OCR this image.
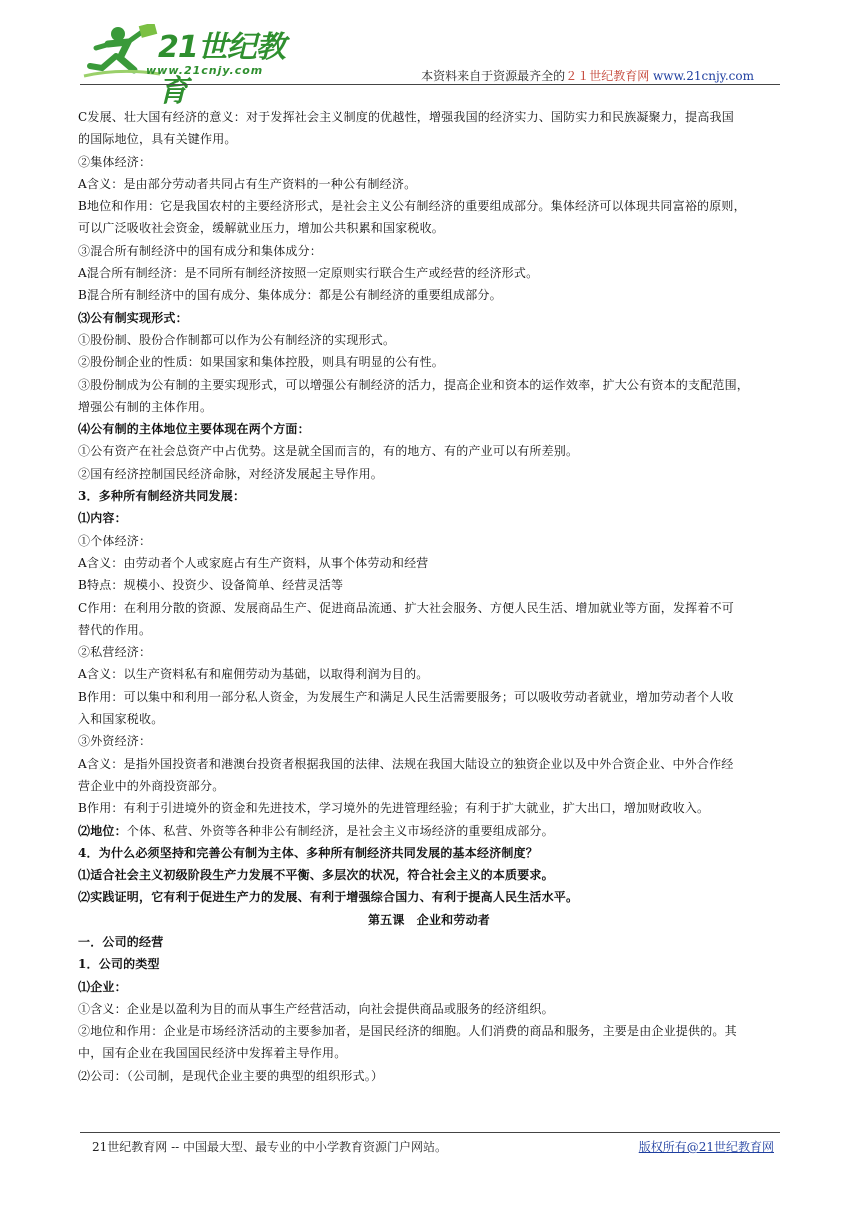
21世纪教育
www.21cnjy.com	本资料来自于资源最齐全的２１世纪教育网 www.21cnjy.com
C发展、壮大国有经济的意义：对于发挥社会主义制度的优越性，增强我国的经济实力、国防实力和民族凝聚力，提高我国
的国际地位，具有关键作用。
②集体经济：
A含义：是由部分劳动者共同占有生产资料的一种公有制经济。
B地位和作用：它是我国农村的主要经济形式，是社会主义公有制经济的重要组成部分。集体经济可以体现共同富裕的原则，
可以广泛吸收社会资金，缓解就业压力，增加公共积累和国家税收。
③混合所有制经济中的国有成分和集体成分：
A混合所有制经济：是不同所有制经济按照一定原则实行联合生产或经营的经济形式。
B混合所有制经济中的国有成分、集体成分：都是公有制经济的重要组成部分。
⑶公有制实现形式：
①股份制、股份合作制都可以作为公有制经济的实现形式。
②股份制企业的性质：如果国家和集体控股，则具有明显的公有性。
③股份制成为公有制的主要实现形式，可以增强公有制经济的活力，提高企业和资本的运作效率，扩大公有资本的支配范围，
增强公有制的主体作用。
⑷公有制的主体地位主要体现在两个方面：
①公有资产在社会总资产中占优势。这是就全国而言的，有的地方、有的产业可以有所差别。
②国有经济控制国民经济命脉，对经济发展起主导作用。
3．多种所有制经济共同发展：
⑴内容：
①个体经济：
A含义：由劳动者个人或家庭占有生产资料，从事个体劳动和经营
B特点：规模小、投资少、设备简单、经营灵活等
C作用：在利用分散的资源、发展商品生产、促进商品流通、扩大社会服务、方便人民生活、增加就业等方面，发挥着不可
替代的作用。
②私营经济：
A含义：以生产资料私有和雇佣劳动为基础，以取得利润为目的。
B作用：可以集中和利用一部分私人资金，为发展生产和满足人民生活需要服务；可以吸收劳动者就业，增加劳动者个人收
入和国家税收。
③外资经济：
A含义：是指外国投资者和港澳台投资者根据我国的法律、法规在我国大陆设立的独资企业以及中外合资企业、中外合作经
营企业中的外商投资部分。
B作用：有利于引进境外的资金和先进技术，学习境外的先进管理经验；有利于扩大就业，扩大出口，增加财政收入。
⑵地位：个体、私营、外资等各种非公有制经济，是社会主义市场经济的重要组成部分。
4．为什么必须坚持和完善公有制为主体、多种所有制经济共同发展的基本经济制度？
⑴适合社会主义初级阶段生产力发展不平衡、多层次的状况，符合社会主义的本质要求。
⑵实践证明，它有利于促进生产力的发展、有利于增强综合国力、有利于提高人民生活水平。
第五课　企业和劳动者
一．公司的经营
1．公司的类型
⑴企业：
①含义：企业是以盈利为目的而从事生产经营活动，向社会提供商品或服务的经济组织。
②地位和作用：企业是市场经济活动的主要参加者，是国民经济的细胞。人们消费的商品和服务，主要是由企业提供的。其
中，国有企业在我国国民经济中发挥着主导作用。
⑵公司：（公司制，是现代企业主要的典型的组织形式。）
21世纪教育网 -- 中国最大型、最专业的中小学教育资源门户网站。	版权所有@21世纪教育网
